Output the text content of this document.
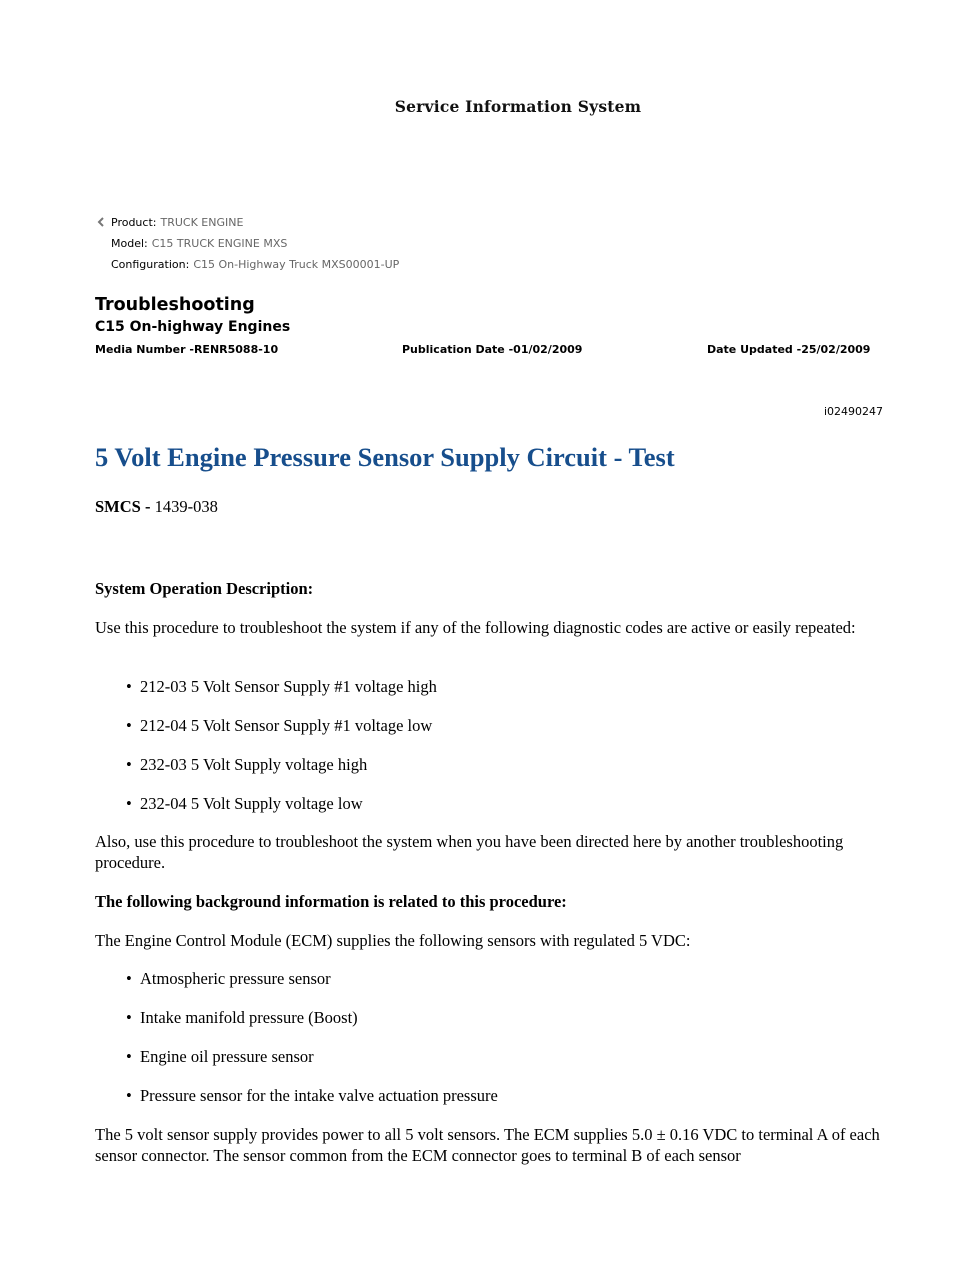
Service Information System
Product: TRUCK ENGINE
Model: C15 TRUCK ENGINE MXS
Configuration: C15 On-Highway Truck MXS00001-UP
Troubleshooting
C15 On-highway Engines
Media Number -RENR5088-10	Publication Date -01/02/2009	Date Updated -25/02/2009
i02490247
5 Volt Engine Pressure Sensor Supply Circuit - Test
SMCS - 1439-038
System Operation Description:
Use this procedure to troubleshoot the system if any of the following diagnostic codes are active or easily repeated:
• 212-03 5 Volt Sensor Supply #1 voltage high
• 212-04 5 Volt Sensor Supply #1 voltage low
• 232-03 5 Volt Supply voltage high
• 232-04 5 Volt Supply voltage low
Also, use this procedure to troubleshoot the system when you have been directed here by another troubleshooting procedure.
The following background information is related to this procedure:
The Engine Control Module (ECM) supplies the following sensors with regulated 5 VDC:
• Atmospheric pressure sensor
• Intake manifold pressure (Boost)
• Engine oil pressure sensor
• Pressure sensor for the intake valve actuation pressure
The 5 volt sensor supply provides power to all 5 volt sensors. The ECM supplies 5.0 ± 0.16 VDC to terminal A of each sensor connector. The sensor common from the ECM connector goes to terminal B of each sensor
